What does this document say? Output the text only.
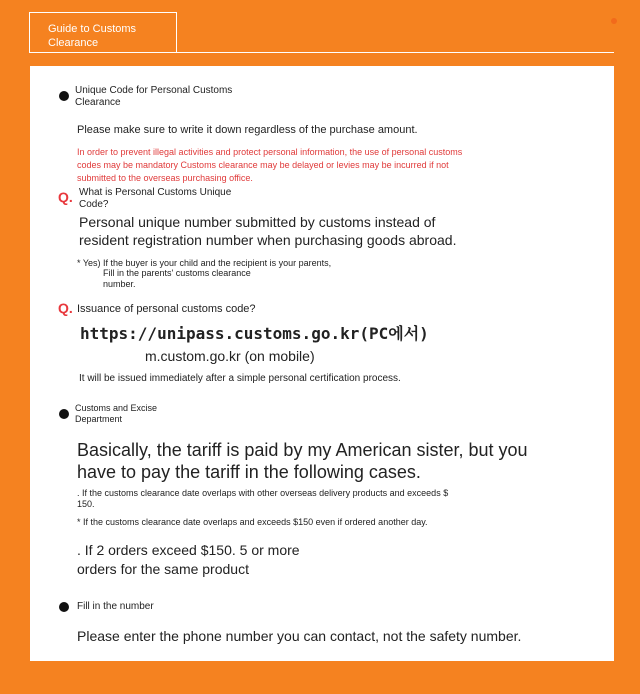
Guide to Customs Clearance
Unique Code for Personal Customs Clearance
Please make sure to write it down regardless of the purchase amount.
In order to prevent illegal activities and protect personal information, the use of personal customs codes may be mandatory Customs clearance may be delayed or levies may be incurred if not submitted to the overseas purchasing office.
Q. What is Personal Customs Unique Code?
Personal unique number submitted by customs instead of resident registration number when purchasing goods abroad.
* Yes) If the buyer is your child and the recipient is your parents,
Fill in the parents' customs clearance
number.
Q. Issuance of personal customs code?
https://unipass.customs.go.kr(PC에서)
m.custom.go.kr (on mobile)
It will be issued immediately after a simple personal certification process.
Customs and Excise Department
Basically, the tariff is paid by my American sister, but you have to pay the tariff in the following cases.
. If the customs clearance date overlaps with other overseas delivery products and exceeds $
150.
* If the customs clearance date overlaps and exceeds $150 even if ordered another day.
. If 2 orders exceed $150. 5 or more
orders for the same product
Fill in the number
Please enter the phone number you can contact, not the safety number.
